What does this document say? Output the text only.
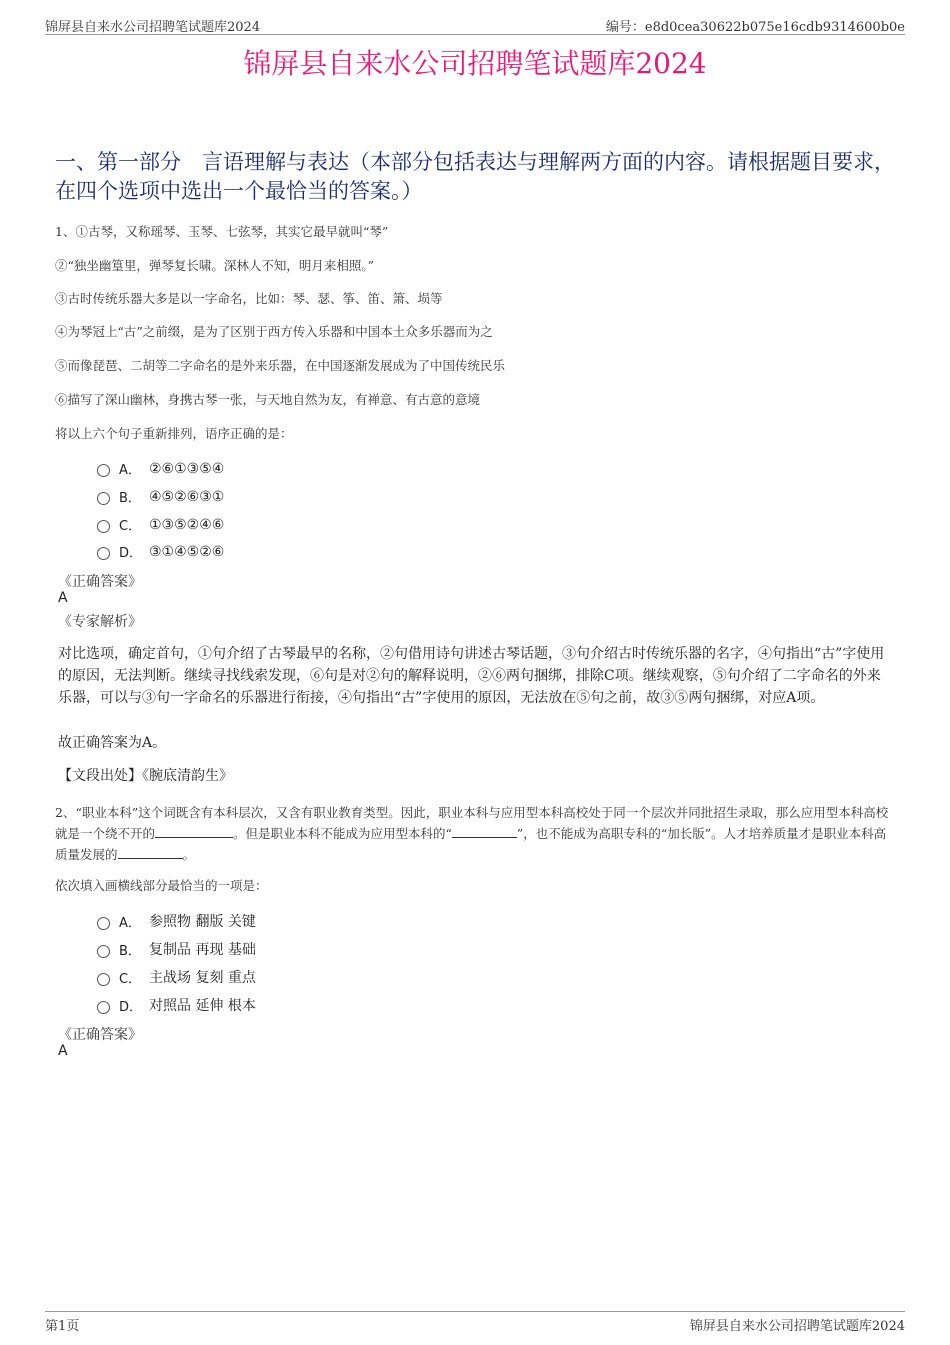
锦屏县自来水公司招聘笔试题库2024	编号：e8d0cea30622b075e16cdb9314600b0e
锦屏县自来水公司招聘笔试题库2024
一、第一部分　言语理解与表达（本部分包括表达与理解两方面的内容。请根据题目要求，在四个选项中选出一个最恰当的答案。）
1、①古琴，又称瑶琴、玉琴、七弦琴，其实它最早就叫“琴”
②“独坐幽篁里，弹琴复长啸。深林人不知，明月来相照。”
③古时传统乐器大多是以一字命名，比如：琴、瑟、筝、笛、箫、埙等
④为琴冠上“古”之前缀，是为了区别于西方传入乐器和中国本土众多乐器而为之
⑤而像琵琶、二胡等二字命名的是外来乐器，在中国逐渐发展成为了中国传统民乐
⑥描写了深山幽林，身携古琴一张，与天地自然为友，有禅意、有古意的意境
将以上六个句子重新排列，语序正确的是：
A． ②⑥①③⑤④
B． ④⑤②⑥③①
C． ①③⑤②④⑥
D． ③①④⑤②⑥
《正确答案》
A
《专家解析》
对比选项，确定首句，①句介绍了古琴最早的名称，②句借用诗句讲述古琴话题，③句介绍古时传统乐器的名字，④句指出“古”字使用的原因，无法判断。继续寻找线索发现，⑥句是对②句的解释说明，②⑥两句捆绑，排除C项。继续观察，⑤句介绍了二字命名的外来乐器，可以与③句一字命名的乐器进行衔接，④句指出“古”字使用的原因，无法放在⑤句之前，故③⑤两句捆绑，对应A项。
故正确答案为A。
【文段出处】《腕底清韵生》
2、“职业本科”这个词既含有本科层次，又含有职业教育类型。因此，职业本科与应用型本科高校处于同一个层次并同批招生录取，那么应用型本科高校就是一个绕不开的	。但是职业本科不能成为应用型本科的“	”，也不能成为高职专科的“加长版”。人才培养质量才是职业本科高质量发展的	。
依次填入画横线部分最恰当的一项是：
A． 参照物 翻版 关键
B． 复制品 再现 基础
C． 主战场 复刻 重点
D． 对照品 延伸 根本
《正确答案》
A
第1页	锦屏县自来水公司招聘笔试题库2024
